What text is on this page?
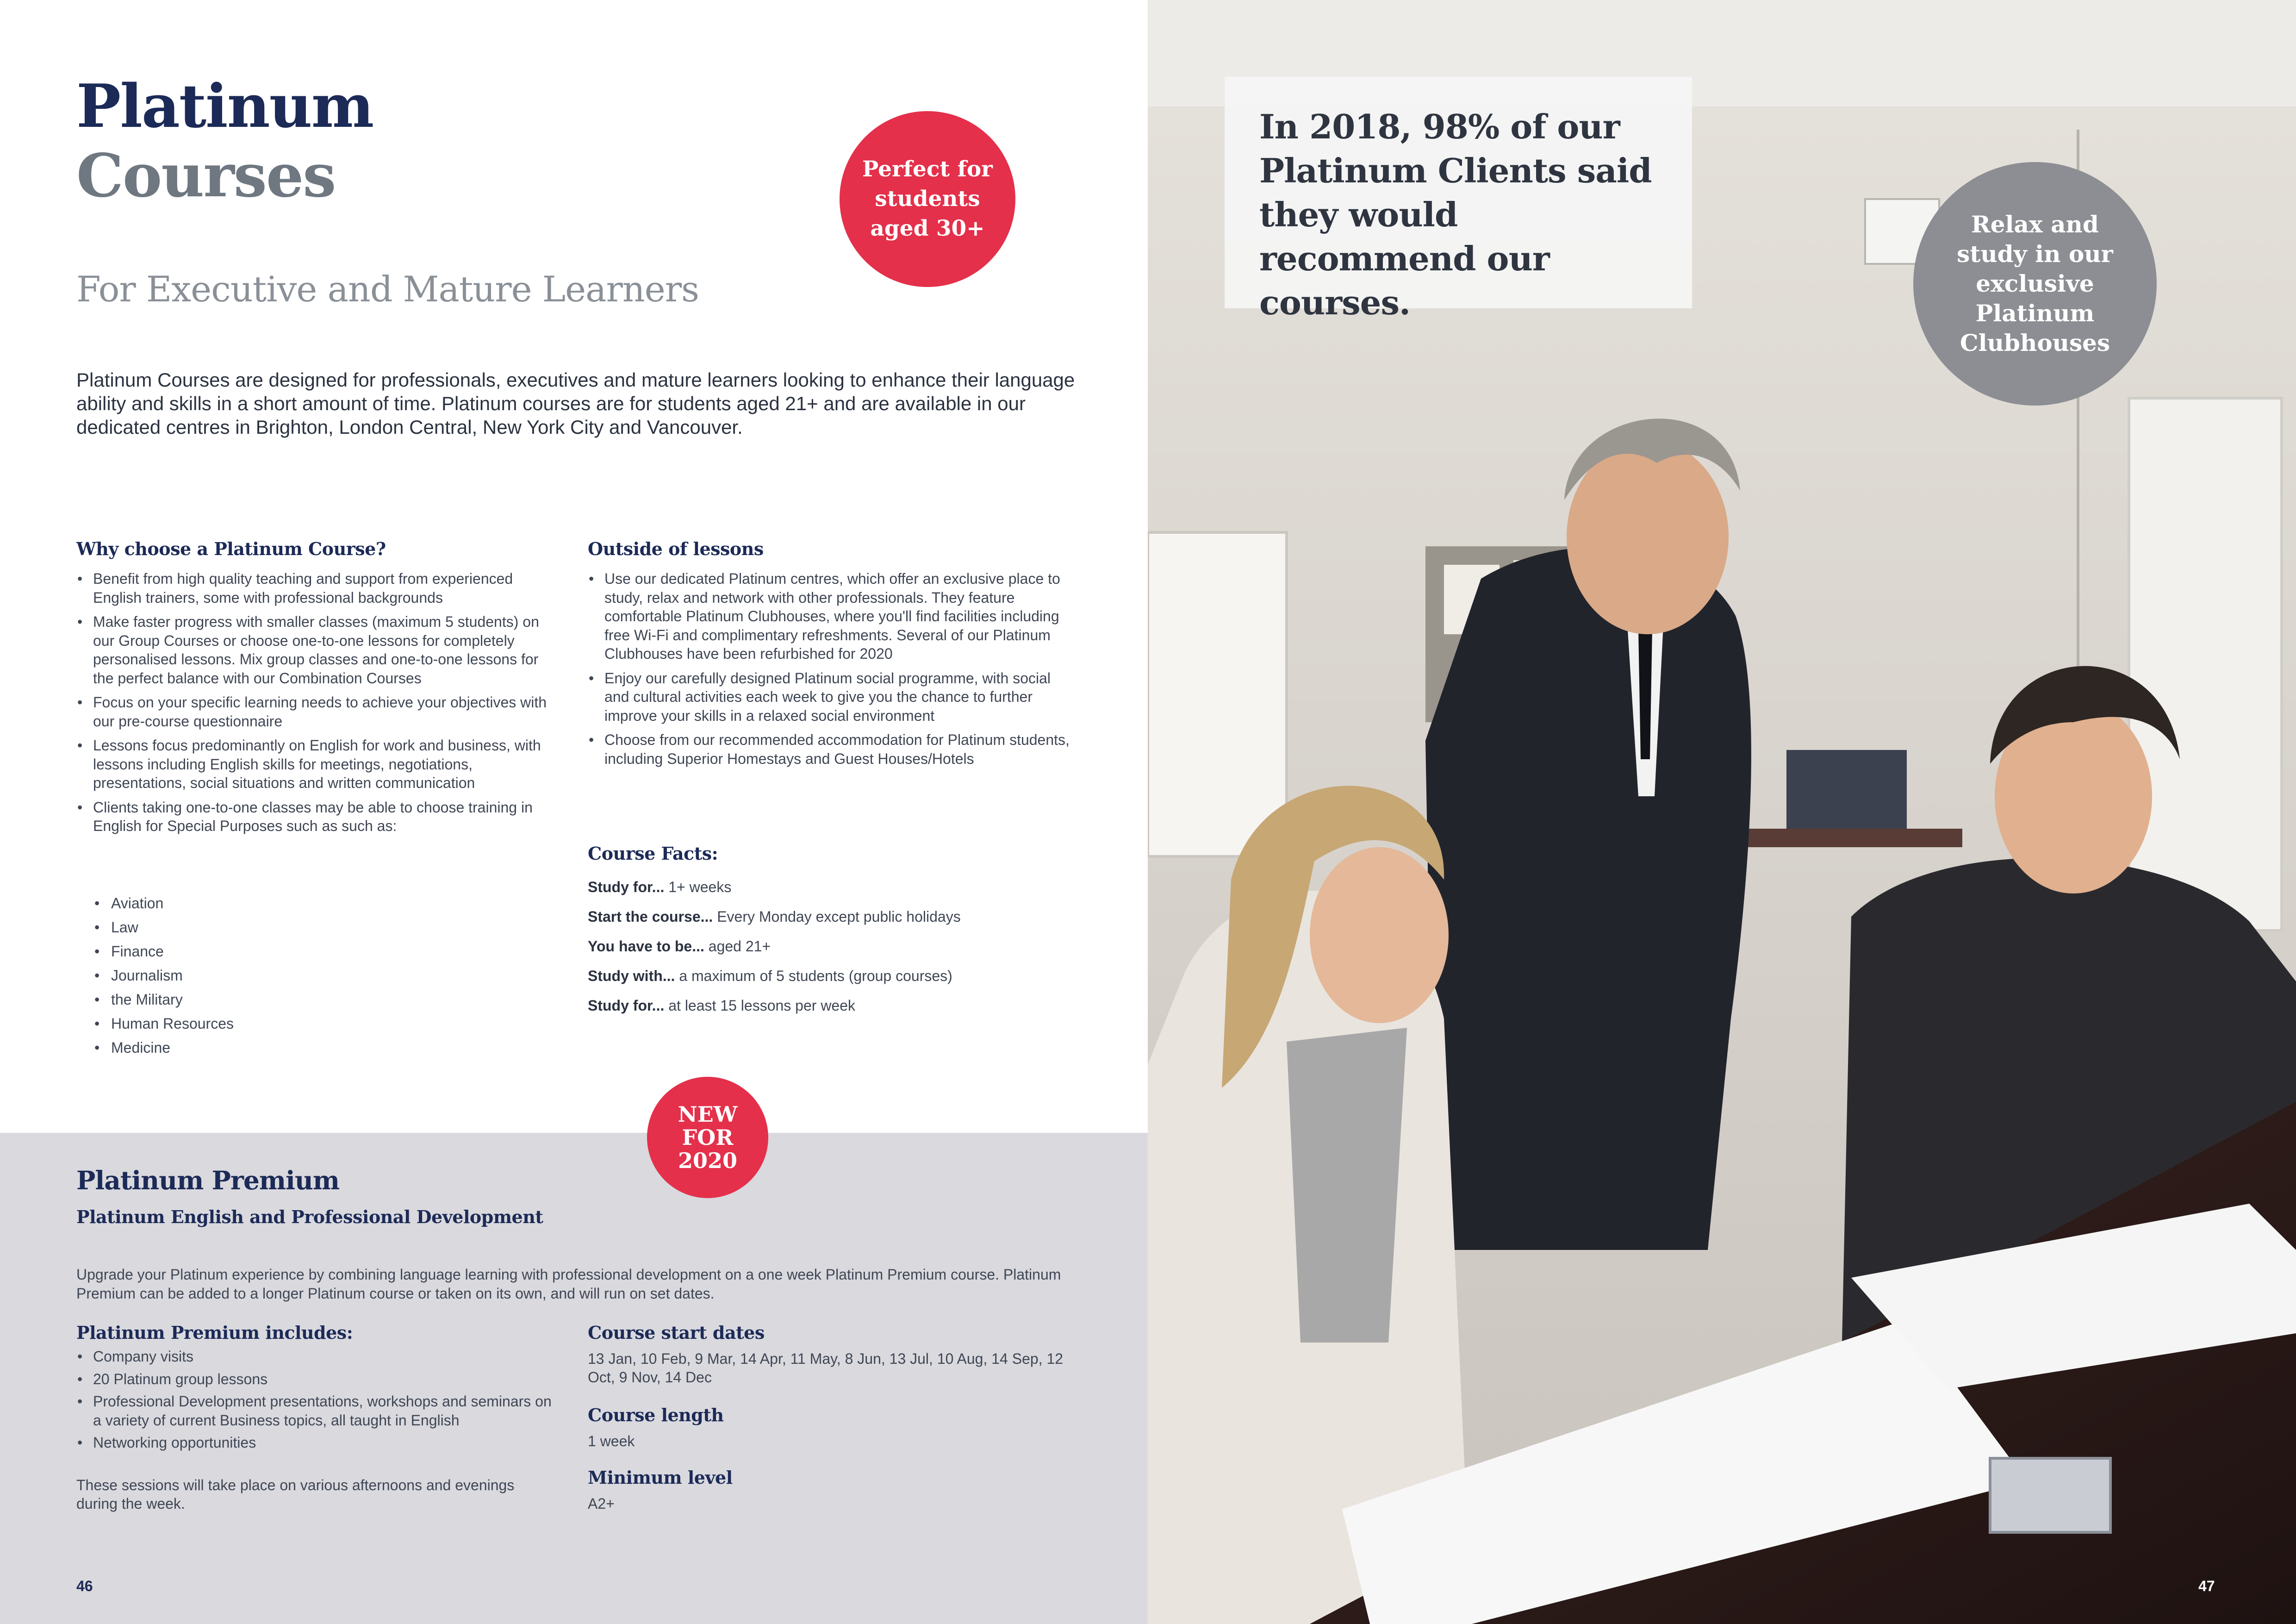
Platinum
Courses
For Executive and Mature Learners
Perfect for students aged 30+
Platinum Courses are designed for professionals, executives and mature learners looking to enhance their language ability and skills in a short amount of time. Platinum courses are for students aged 21+ and are available in our dedicated centres in Brighton, London Central, New York City and Vancouver.
Why choose a Platinum Course?
• Benefit from high quality teaching and support from experienced English trainers, some with professional backgrounds
• Make faster progress with smaller classes (maximum 5 students) on our Group Courses or choose one-to-one lessons for completely personalised lessons. Mix group classes and one-to-one lessons for the perfect balance with our Combination Courses
• Focus on your specific learning needs to achieve your objectives with our pre-course questionnaire
• Lessons focus predominantly on English for work and business, with lessons including English skills for meetings, negotiations, presentations, social situations and written communication
• Clients taking one-to-one classes may be able to choose training in English for Special Purposes such as such as:
• Aviation
• Law
• Finance
• Journalism
• the Military
• Human Resources
• Medicine
Outside of lessons
• Use our dedicated Platinum centres, which offer an exclusive place to study, relax and network with other professionals. They feature comfortable Platinum Clubhouses, where you'll find facilities including free Wi-Fi and complimentary refreshments. Several of our Platinum Clubhouses have been refurbished for 2020
• Enjoy our carefully designed Platinum social programme, with social and cultural activities each week to give you the chance to further improve your skills in a relaxed social environment
• Choose from our recommended accommodation for Platinum students, including Superior Homestays and Guest Houses/Hotels
Course Facts:
Study for... 1+ weeks
Start the course... Every Monday except public holidays
You have to be... aged 21+
Study with... a maximum of 5 students (group courses)
Study for... at least 15 lessons per week
NEW
FOR
2020
Platinum Premium
Platinum English and Professional Development
Upgrade your Platinum experience by combining language learning with professional development on a one week Platinum Premium course. Platinum Premium can be added to a longer Platinum course or taken on its own, and will run on set dates.
Platinum Premium includes:
• Company visits
• 20 Platinum group lessons
• Professional Development presentations, workshops and seminars on a variety of current Business topics, all taught in English
• Networking opportunities
These sessions will take place on various afternoons and evenings during the week.
Course start dates
13 Jan, 10 Feb, 9 Mar, 14 Apr, 11 May, 8 Jun, 13 Jul, 10 Aug, 14 Sep, 12 Oct, 9 Nov, 14 Dec
Course length
1 week
Minimum level
A2+
46
In 2018, 98% of our Platinum Clients said they would recommend our courses.
Relax and study in our exclusive Platinum Clubhouses
47
